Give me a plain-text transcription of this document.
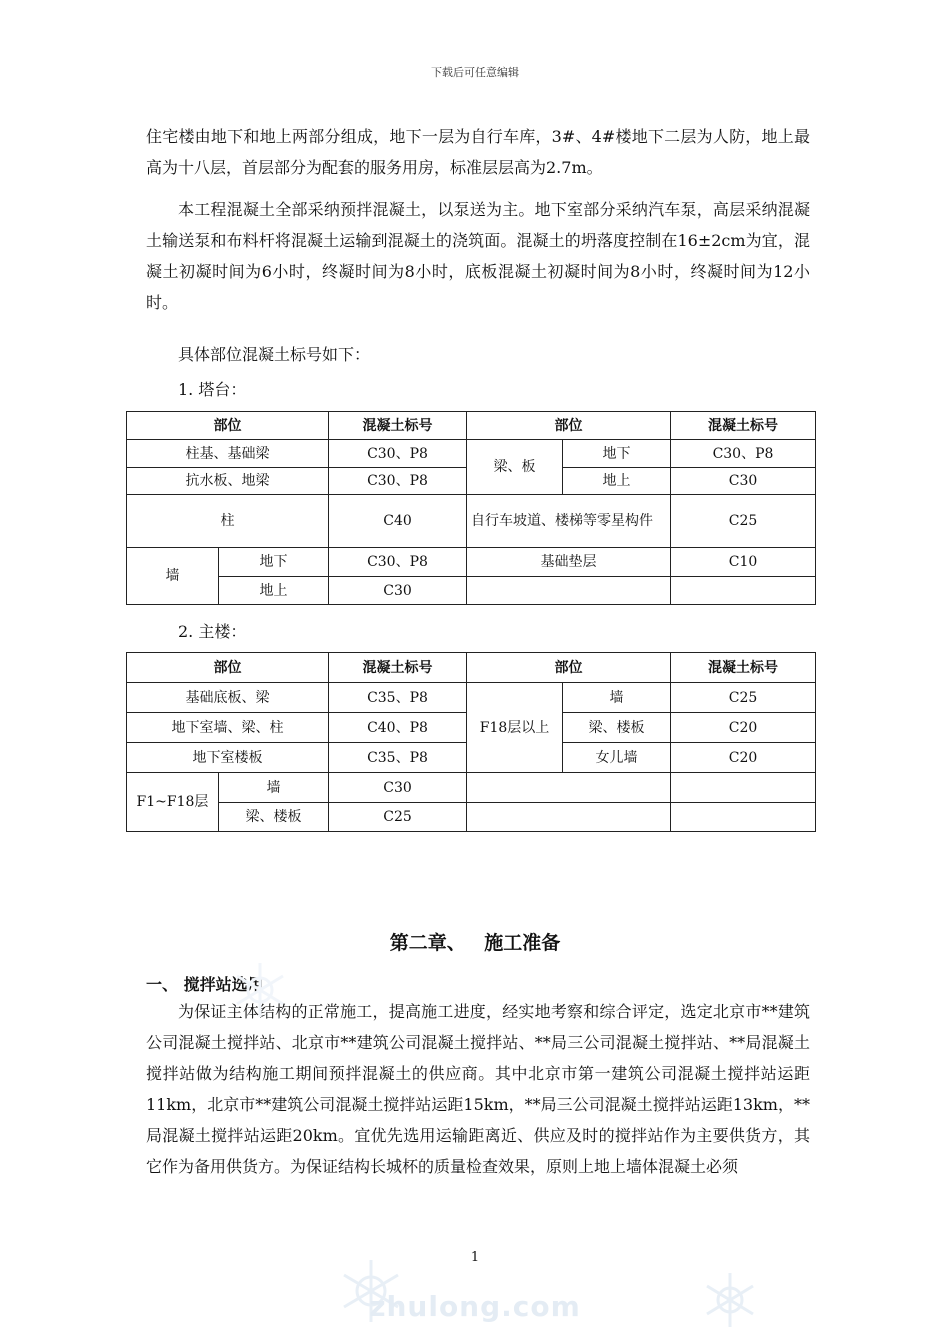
下载后可任意编辑

住宅楼由地下和地上两部分组成，地下一层为自行车库，3#、4#楼地下二层为人防，地上最高为十八层，首层部分为配套的服务用房，标准层层高为2.7m。

本工程混凝土全部采纳预拌混凝土，以泵送为主。地下室部分采纳汽车泵，高层采纳混凝土输送泵和布料杆将混凝土运输到混凝土的浇筑面。混凝土的坍落度控制在16±2cm为宜，混凝土初凝时间为6小时，终凝时间为8小时，底板混凝土初凝时间为8小时，终凝时间为12小时。

具体部位混凝土标号如下：

1. 塔台：

部位		混凝土标号	部位		混凝土标号
柱基、基础梁		C30、P8	梁、板	地下	C30、P8
抗水板、地梁		C30、P8		地上	C30
柱		C40	自行车坡道、楼梯等零星构件		C25
墙	地下	C30、P8	基础垫层		C10
	地上	C30			

2. 主楼：

部位		混凝土标号	部位		混凝土标号
基础底板、梁		C35、P8	F18层以上	墙	C25
地下室墙、梁、柱		C40、P8		梁、楼板	C20
地下室楼板		C35、P8		女儿墙	C20
F1~F18层	墙	C30			
	梁、楼板	C25			
第二章、 施工准备
一、 搅拌站选用

为保证主体结构的正常施工，提高施工进度，经实地考察和综合评定，选定北京市**建筑公司混凝土搅拌站、北京市**建筑公司混凝土搅拌站、**局三公司混凝土搅拌站、**局混凝土搅拌站做为结构施工期间预拌混凝土的供应商。其中北京市第一建筑公司混凝土搅拌站运距11km，北京市**建筑公司混凝土搅拌站运距15km，**局三公司混凝土搅拌站运距13km，**局混凝土搅拌站运距20km。宜优先选用运输距离近、供应及时的搅拌站作为主要供货方，其它作为备用供货方。为保证结构长城杯的质量检查效果，原则上地上墙体混凝土必须

1
zhulong.com
